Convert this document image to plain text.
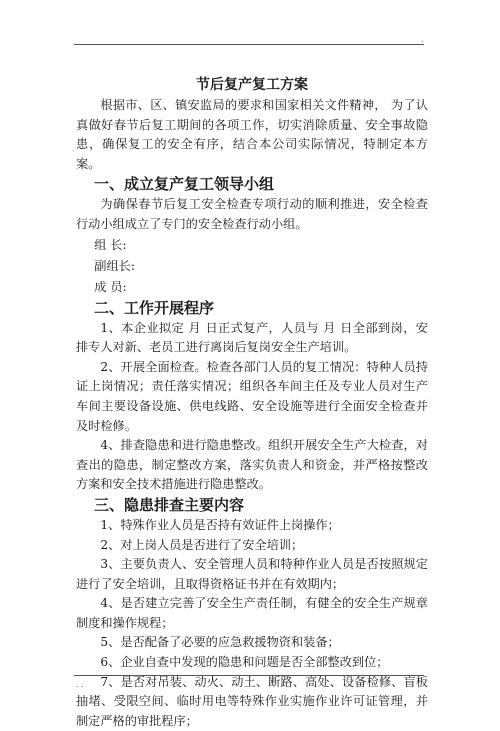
.

节后复产复工方案

根据市、区、镇安监局的要求和国家相关文件精神， 为了认真做好春节后复工期间的各项工作，切实消除质量、安全事故隐患，确保复工的安全有序，结合本公司实际情况，特制定本方案。

一、成立复产复工领导小组

为确保春节后复工安全检查专项行动的顺利推进，安全检查行动小组成立了专门的安全检查行动小组。

组 长:

副组长:

成 员:

二、工作开展程序

1、本企业拟定 月 日正式复产，人员与 月 日全部到岗，安排专人对新、老员工进行离岗后复岗安全生产培训。

2、开展全面检查。检查各部门人员的复工情况：特种人员持证上岗情况；责任落实情况；组织各车间主任及专业人员对生产车间主要设备设施、供电线路、安全设施等进行全面安全检查并及时检修。

4、排查隐患和进行隐患整改。组织开展安全生产大检查，对查出的隐患，制定整改方案，落实负责人和资金，并严格按整改方案和安全技术措施进行隐患整改。

三、隐患排查主要内容

1、特殊作业人员是否持有效证件上岗操作；

2、对上岗人员是否进行了安全培训；

3、主要负责人、安全管理人员和特种作业人员是否按照规定进行了安全培训，且取得资格证书并在有效期内；

4、是否建立完善了安全生产责任制，有健全的安全生产规章制度和操作规程；

5、是否配备了必要的应急救援物资和装备；

6、企业自查中发现的隐患和问题是否全部整改到位；

7、是否对吊装、动火、动土、断路、高处、设备检修、盲板抽堵、受限空间、临时用电等特殊作业实施作业许可证管理，并制定严格的审批程序；

. .
